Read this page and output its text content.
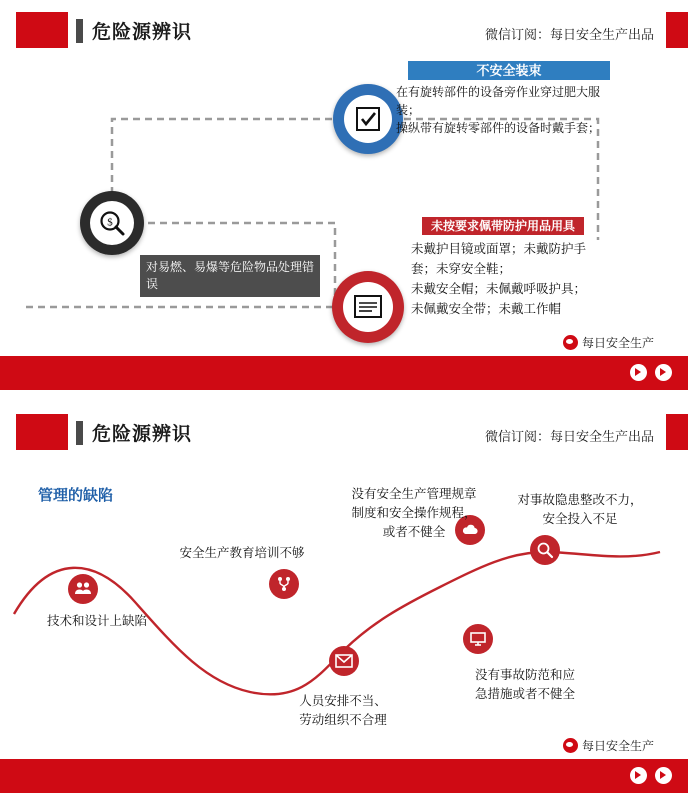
危险源辨识	微信订阅：每日安全生产出品
不安全装束
在有旋转部件的设备旁作业穿过肥大服装；
操纵带有旋转零部件的设备时戴手套；
$
对易燃、易爆等危险物品处理错误
未按要求佩带防护用品用具
未戴护目镜或面罩；未戴防护手
套；未穿安全鞋；
未戴安全帽；未佩戴呼吸护具；
未佩戴安全带；未戴工作帽
每日安全生产
危险源辨识	微信订阅：每日安全生产出品
管理的缺陷
技术和设计上缺陷
安全生产教育培训不够
人员安排不当、
劳动组织不合理
没有安全生产管理规章
制度和安全操作规程，
或者不健全
没有事故防范和应
急措施或者不健全
对事故隐患整改不力，
安全投入不足
每日安全生产
